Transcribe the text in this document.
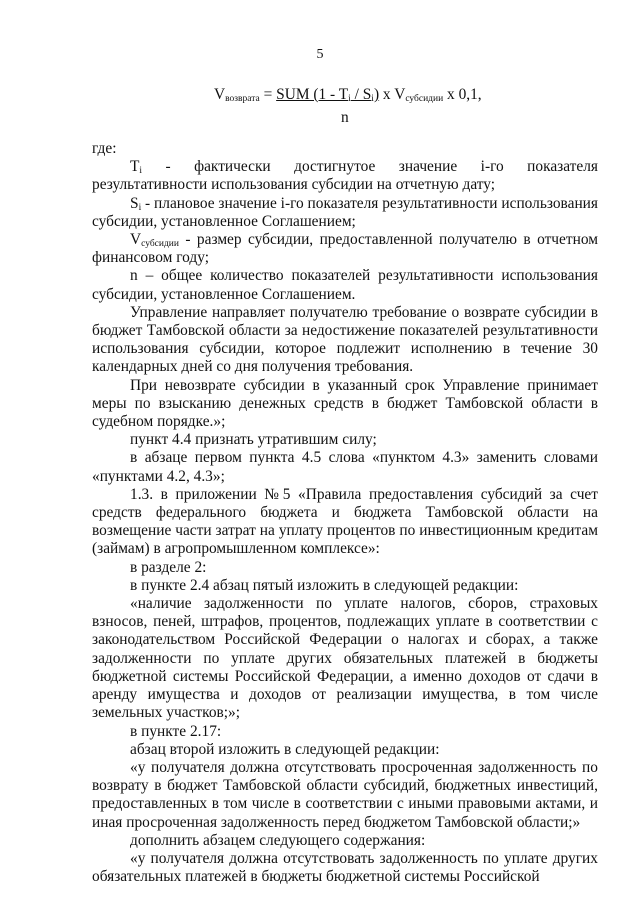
5
$V_{возврата}$ = SUM $(1 - T_i / S_i)$ x $V_{субсидии}$ x 0,1,
n

где:

$T_i$ - фактически достигнутое значение i-го показателя результативности использования субсидии на отчетную дату;

$S_i$ - плановое значение i-го показателя результативности использования субсидии, установленное Соглашением;

$V_{субсидии}$ - размер субсидии, предоставленной получателю в отчетном финансовом году;

n – общее количество показателей результативности использования субсидии, установленное Соглашением.

Управление направляет получателю требование о возврате субсидии в бюджет Тамбовской области за недостижение показателей результативности использования субсидии, которое подлежит исполнению в течение 30 календарных дней со дня получения требования.

При невозврате субсидии в указанный срок Управление принимает меры по взысканию денежных средств в бюджет Тамбовской области в судебном порядке.»;

пункт 4.4 признать утратившим силу;

в абзаце первом пункта 4.5 слова «пунктом 4.3» заменить словами «пунктами 4.2, 4.3»;

1.3. в приложении №5 «Правила предоставления субсидий за счет средств федерального бюджета и бюджета Тамбовской области на возмещение части затрат на уплату процентов по инвестиционным кредитам (займам) в агропромышленном комплексе»:

в разделе 2:

в пункте 2.4 абзац пятый изложить в следующей редакции:

«наличие задолженности по уплате налогов, сборов, страховых взносов, пеней, штрафов, процентов, подлежащих уплате в соответствии с законодательством Российской Федерации о налогах и сборах, а также задолженности по уплате других обязательных платежей в бюджеты бюджетной системы Российской Федерации, а именно доходов от сдачи в аренду имущества и доходов от реализации имущества, в том числе земельных участков;»;

в пункте 2.17:

абзац второй изложить в следующей редакции:

«у получателя должна отсутствовать просроченная задолженность по возврату в бюджет Тамбовской области субсидий, бюджетных инвестиций, предоставленных в том числе в соответствии с иными правовыми актами, и иная просроченная задолженность перед бюджетом Тамбовской области;»

дополнить абзацем следующего содержания:

«у получателя должна отсутствовать задолженность по уплате других обязательных платежей в бюджеты бюджетной системы Российской
